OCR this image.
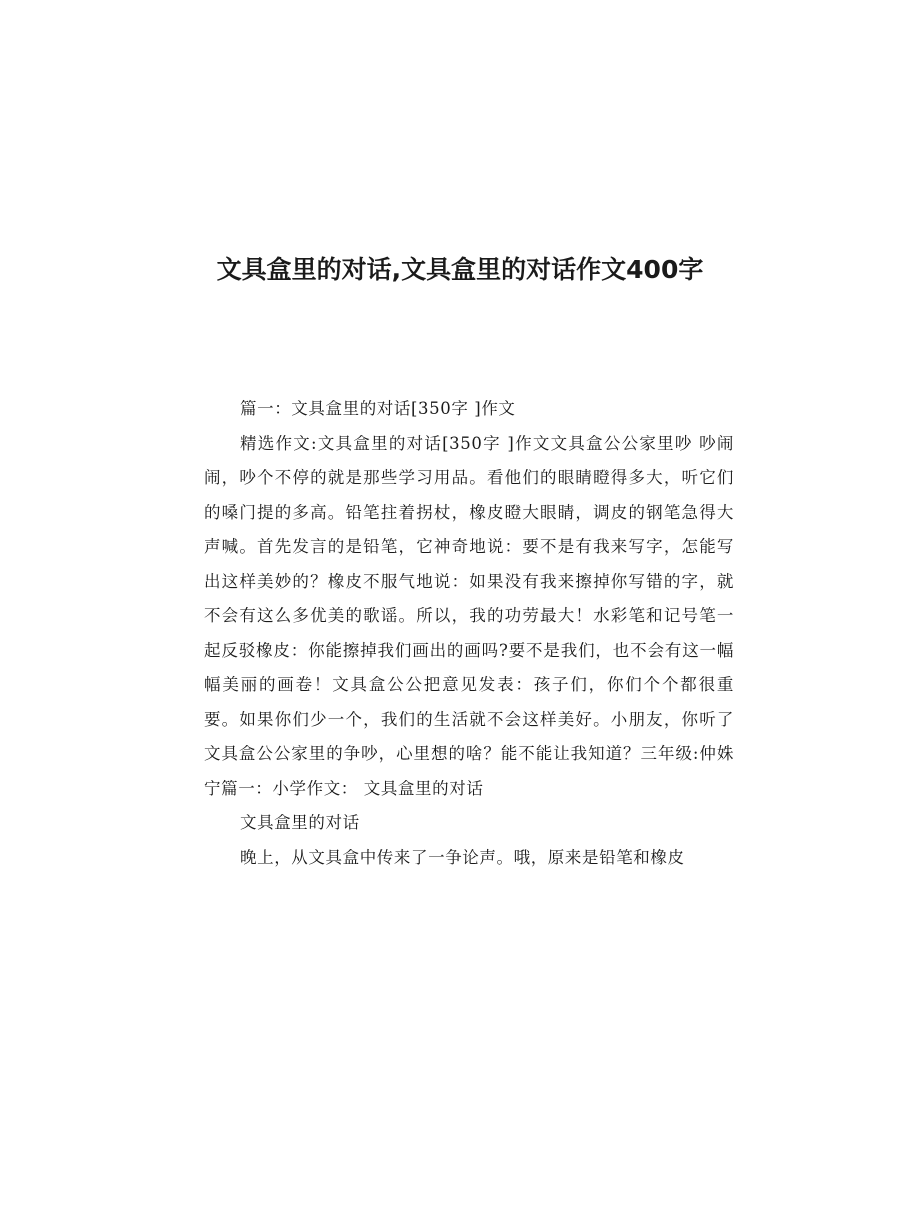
文具盒里的对话,文具盒里的对话作文400字

篇一：文具盒里的对话[350字 ]作文

精选作文:文具盒里的对话[350字 ]作文文具盒公公家里吵 吵闹闹，吵个不停的就是那些学习用品。看他们的眼睛瞪得多大，听它们的嗓门提的多高。铅笔拄着拐杖，橡皮瞪大眼睛，调皮的钢笔急得大声喊。首先发言的是铅笔，它神奇地说：要不是有我来写字，怎能写出这样美妙的？橡皮不服气地说：如果没有我来擦掉你写错的字，就不会有这么多优美的歌谣。所以，我的功劳最大！水彩笔和记号笔一起反驳橡皮：你能擦掉我们画出的画吗?要不是我们，也不会有这一幅幅美丽的画卷！文具盒公公把意见发表：孩子们，你们个个都很重要。如果你们少一个，我们的生活就不会这样美好。小朋友，你听了文具盒公公家里的争吵，心里想的啥？能不能让我知道？三年级:仲姝宁篇一：小学作文： 文具盒里的对话

文具盒里的对话

晚上，从文具盒中传来了一争论声。哦，原来是铅笔和橡皮
